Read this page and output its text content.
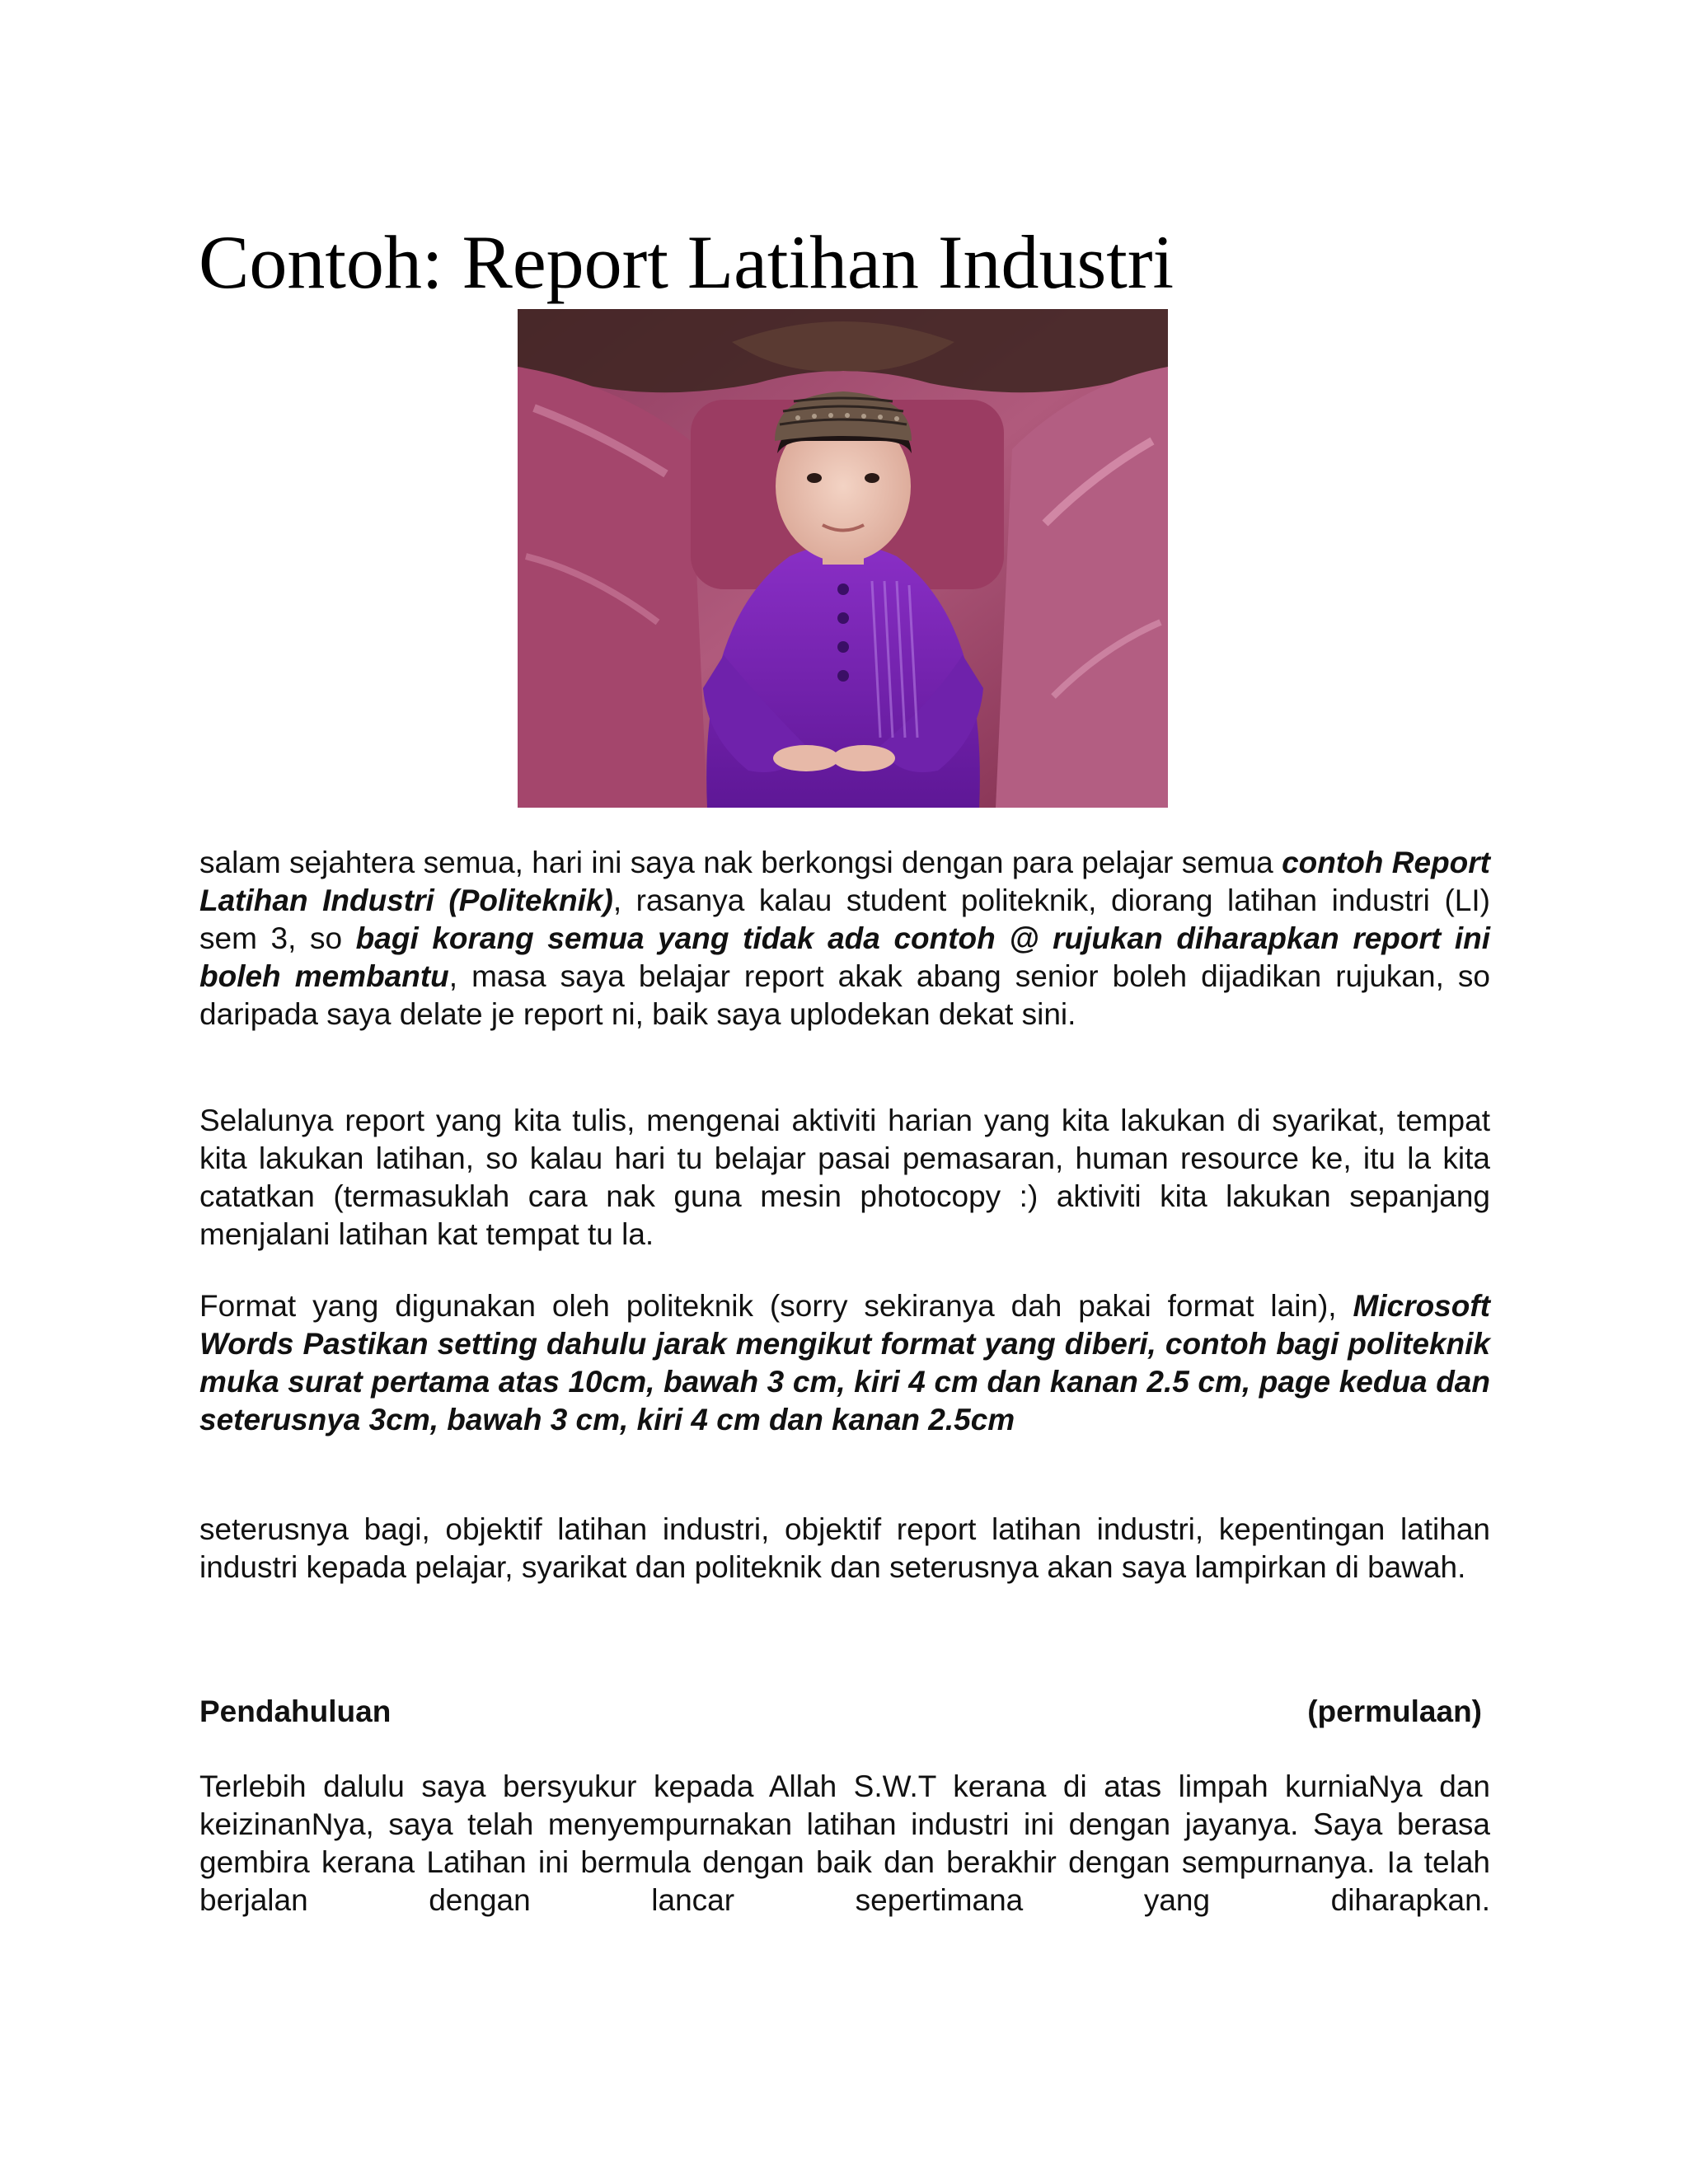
Contoh: Report Latihan Industri

salam sejahtera semua, hari ini saya nak berkongsi dengan para pelajar semua contoh Report Latihan Industri (Politeknik), rasanya kalau student politeknik, diorang latihan industri (LI) sem 3, so bagi korang semua yang tidak ada contoh @ rujukan diharapkan report ini boleh membantu, masa saya belajar report akak abang senior boleh dijadikan rujukan, so daripada saya delate je report ni, baik saya uplodekan dekat sini.

Selalunya report yang kita tulis, mengenai aktiviti harian yang kita lakukan di syarikat, tempat kita lakukan latihan, so kalau hari tu belajar pasai pemasaran, human resource ke, itu la kita catatkan (termasuklah cara nak guna mesin photocopy :) aktiviti kita lakukan sepanjang menjalani latihan kat tempat tu la.

Format yang digunakan oleh politeknik (sorry sekiranya dah pakai format lain), Microsoft Words Pastikan setting dahulu jarak mengikut format yang diberi, contoh bagi politeknik muka surat pertama atas 10cm, bawah 3 cm, kiri 4 cm dan kanan 2.5 cm, page kedua dan seterusnya 3cm, bawah 3 cm, kiri 4 cm dan kanan 2.5cm

seterusnya bagi, objektif latihan industri, objektif report latihan industri, kepentingan latihan industri kepada pelajar, syarikat dan politeknik dan seterusnya akan saya lampirkan di bawah.

Pendahuluan	(permulaan)

Terlebih dalulu saya bersyukur kepada Allah S.W.T kerana di atas limpah kurniaNya dan keizinanNya, saya telah menyempurnakan latihan industri ini dengan jayanya. Saya berasa gembira kerana Latihan ini bermula dengan baik dan berakhir dengan sempurnanya. Ia telah berjalan dengan lancar sepertimana yang diharapkan.
